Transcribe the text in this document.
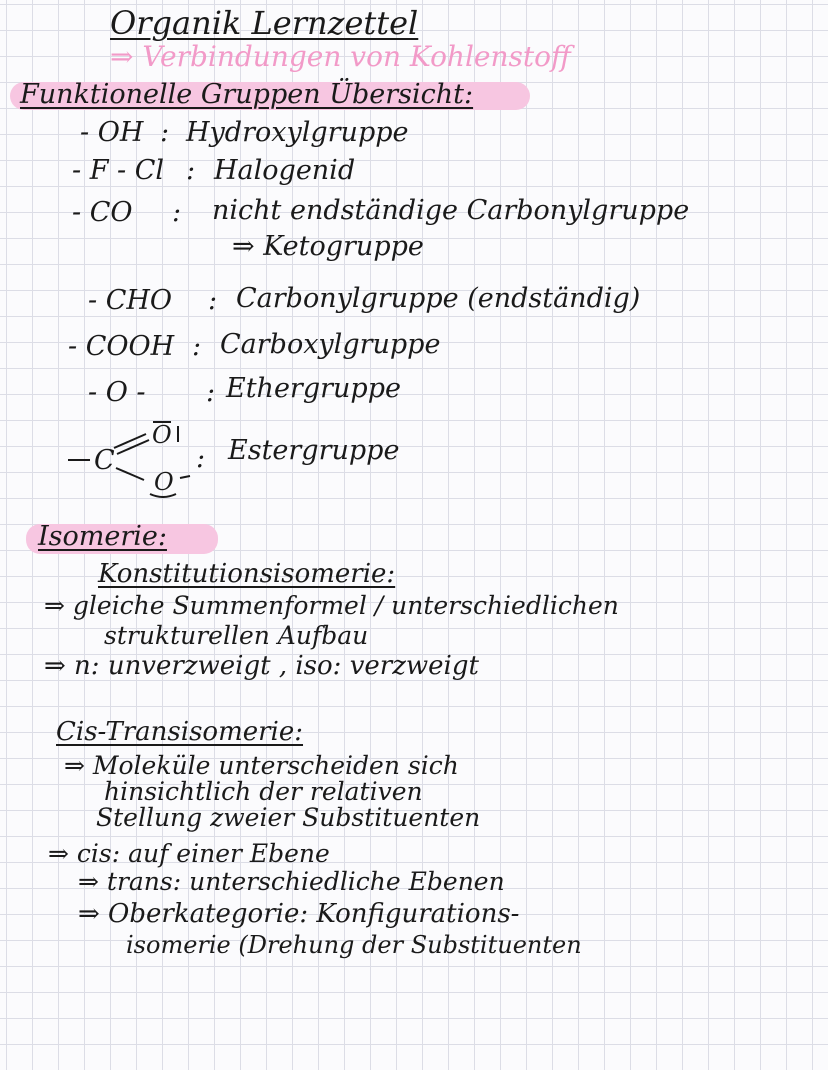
Organik Lernzettel
⇒ Verbindungen von Kohlenstoff
Funktionelle Gruppen Übersicht:
- OH : Hydroxylgruppe
- F - Cl : Halogenid
- CO : nicht endständige Carbonylgruppe
⇒ Ketogruppe
- CHO : Carbonylgruppe (endständig)
- COOH : Carboxylgruppe
- O - : Ethergruppe
C
O
O
: Estergruppe
Isomerie:
Konstitutionsisomerie:
⇒ gleiche Summenformel / unterschiedlichen
strukturellen Aufbau
⇒ n: unverzweigt , iso: verzweigt
Cis-Transisomerie:
⇒ Moleküle unterscheiden sich
hinsichtlich der relativen
Stellung zweier Substituenten
⇒ cis: auf einer Ebene
⇒ trans: unterschiedliche Ebenen
⇒ Oberkategorie: Konfigurations-
isomerie (Drehung der Substituenten
